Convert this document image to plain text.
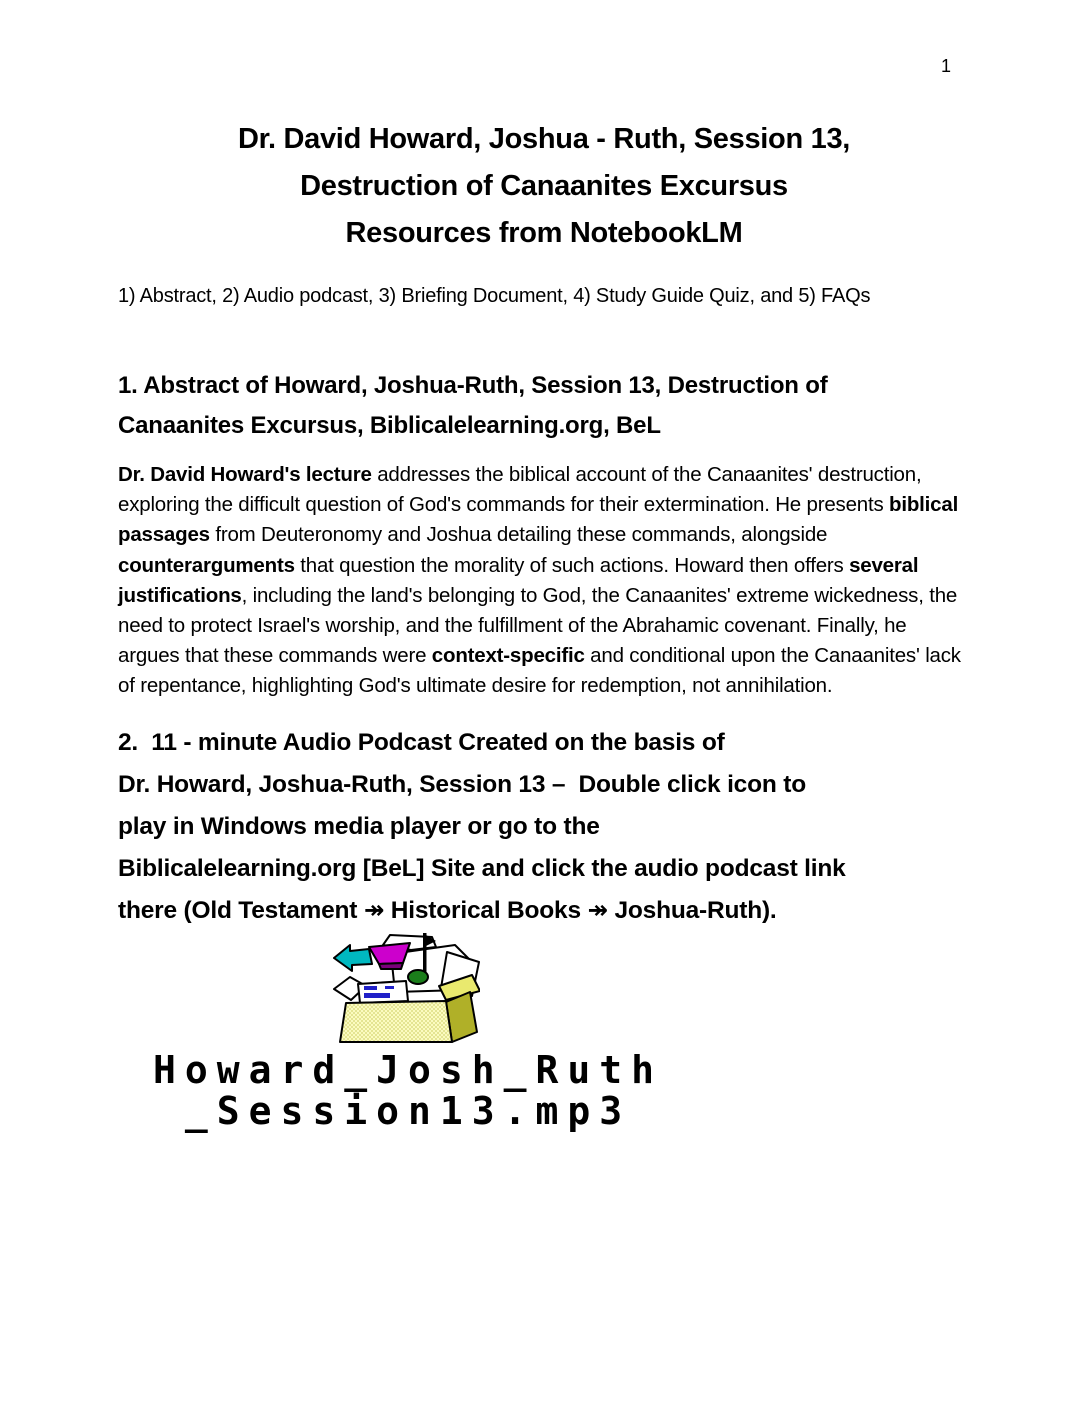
1
Dr. David Howard, Joshua - Ruth, Session 13,
Destruction of Canaanites Excursus
Resources from NotebookLM

1) Abstract, 2) Audio podcast, 3) Briefing Document, 4) Study Guide Quiz, and 5) FAQs

1. Abstract of Howard, Joshua-Ruth, Session 13, Destruction of
Canaanites Excursus, Biblicalelearning.org, BeL

Dr. David Howard's lecture addresses the biblical account of the Canaanites' destruction, exploring the difficult question of God's commands for their extermination. He presents biblical passages from Deuteronomy and Joshua detailing these commands, alongside counterarguments that question the morality of such actions. Howard then offers several justifications, including the land's belonging to God, the Canaanites' extreme wickedness, the need to protect Israel's worship, and the fulfillment of the Abrahamic covenant. Finally, he argues that these commands were context-specific and conditional upon the Canaanites' lack of repentance, highlighting God's ultimate desire for redemption, not annihilation.

2.  11 - minute Audio Podcast Created on the basis of
Dr. Howard, Joshua-Ruth, Session 13 –  Double click icon to
play in Windows media player or go to the
Biblicalelearning.org [BeL] Site and click the audio podcast link
there (Old Testament ↠ Historical Books ↠ Joshua-Ruth).
Howard_Josh_Ruth
_Session13.mp3
